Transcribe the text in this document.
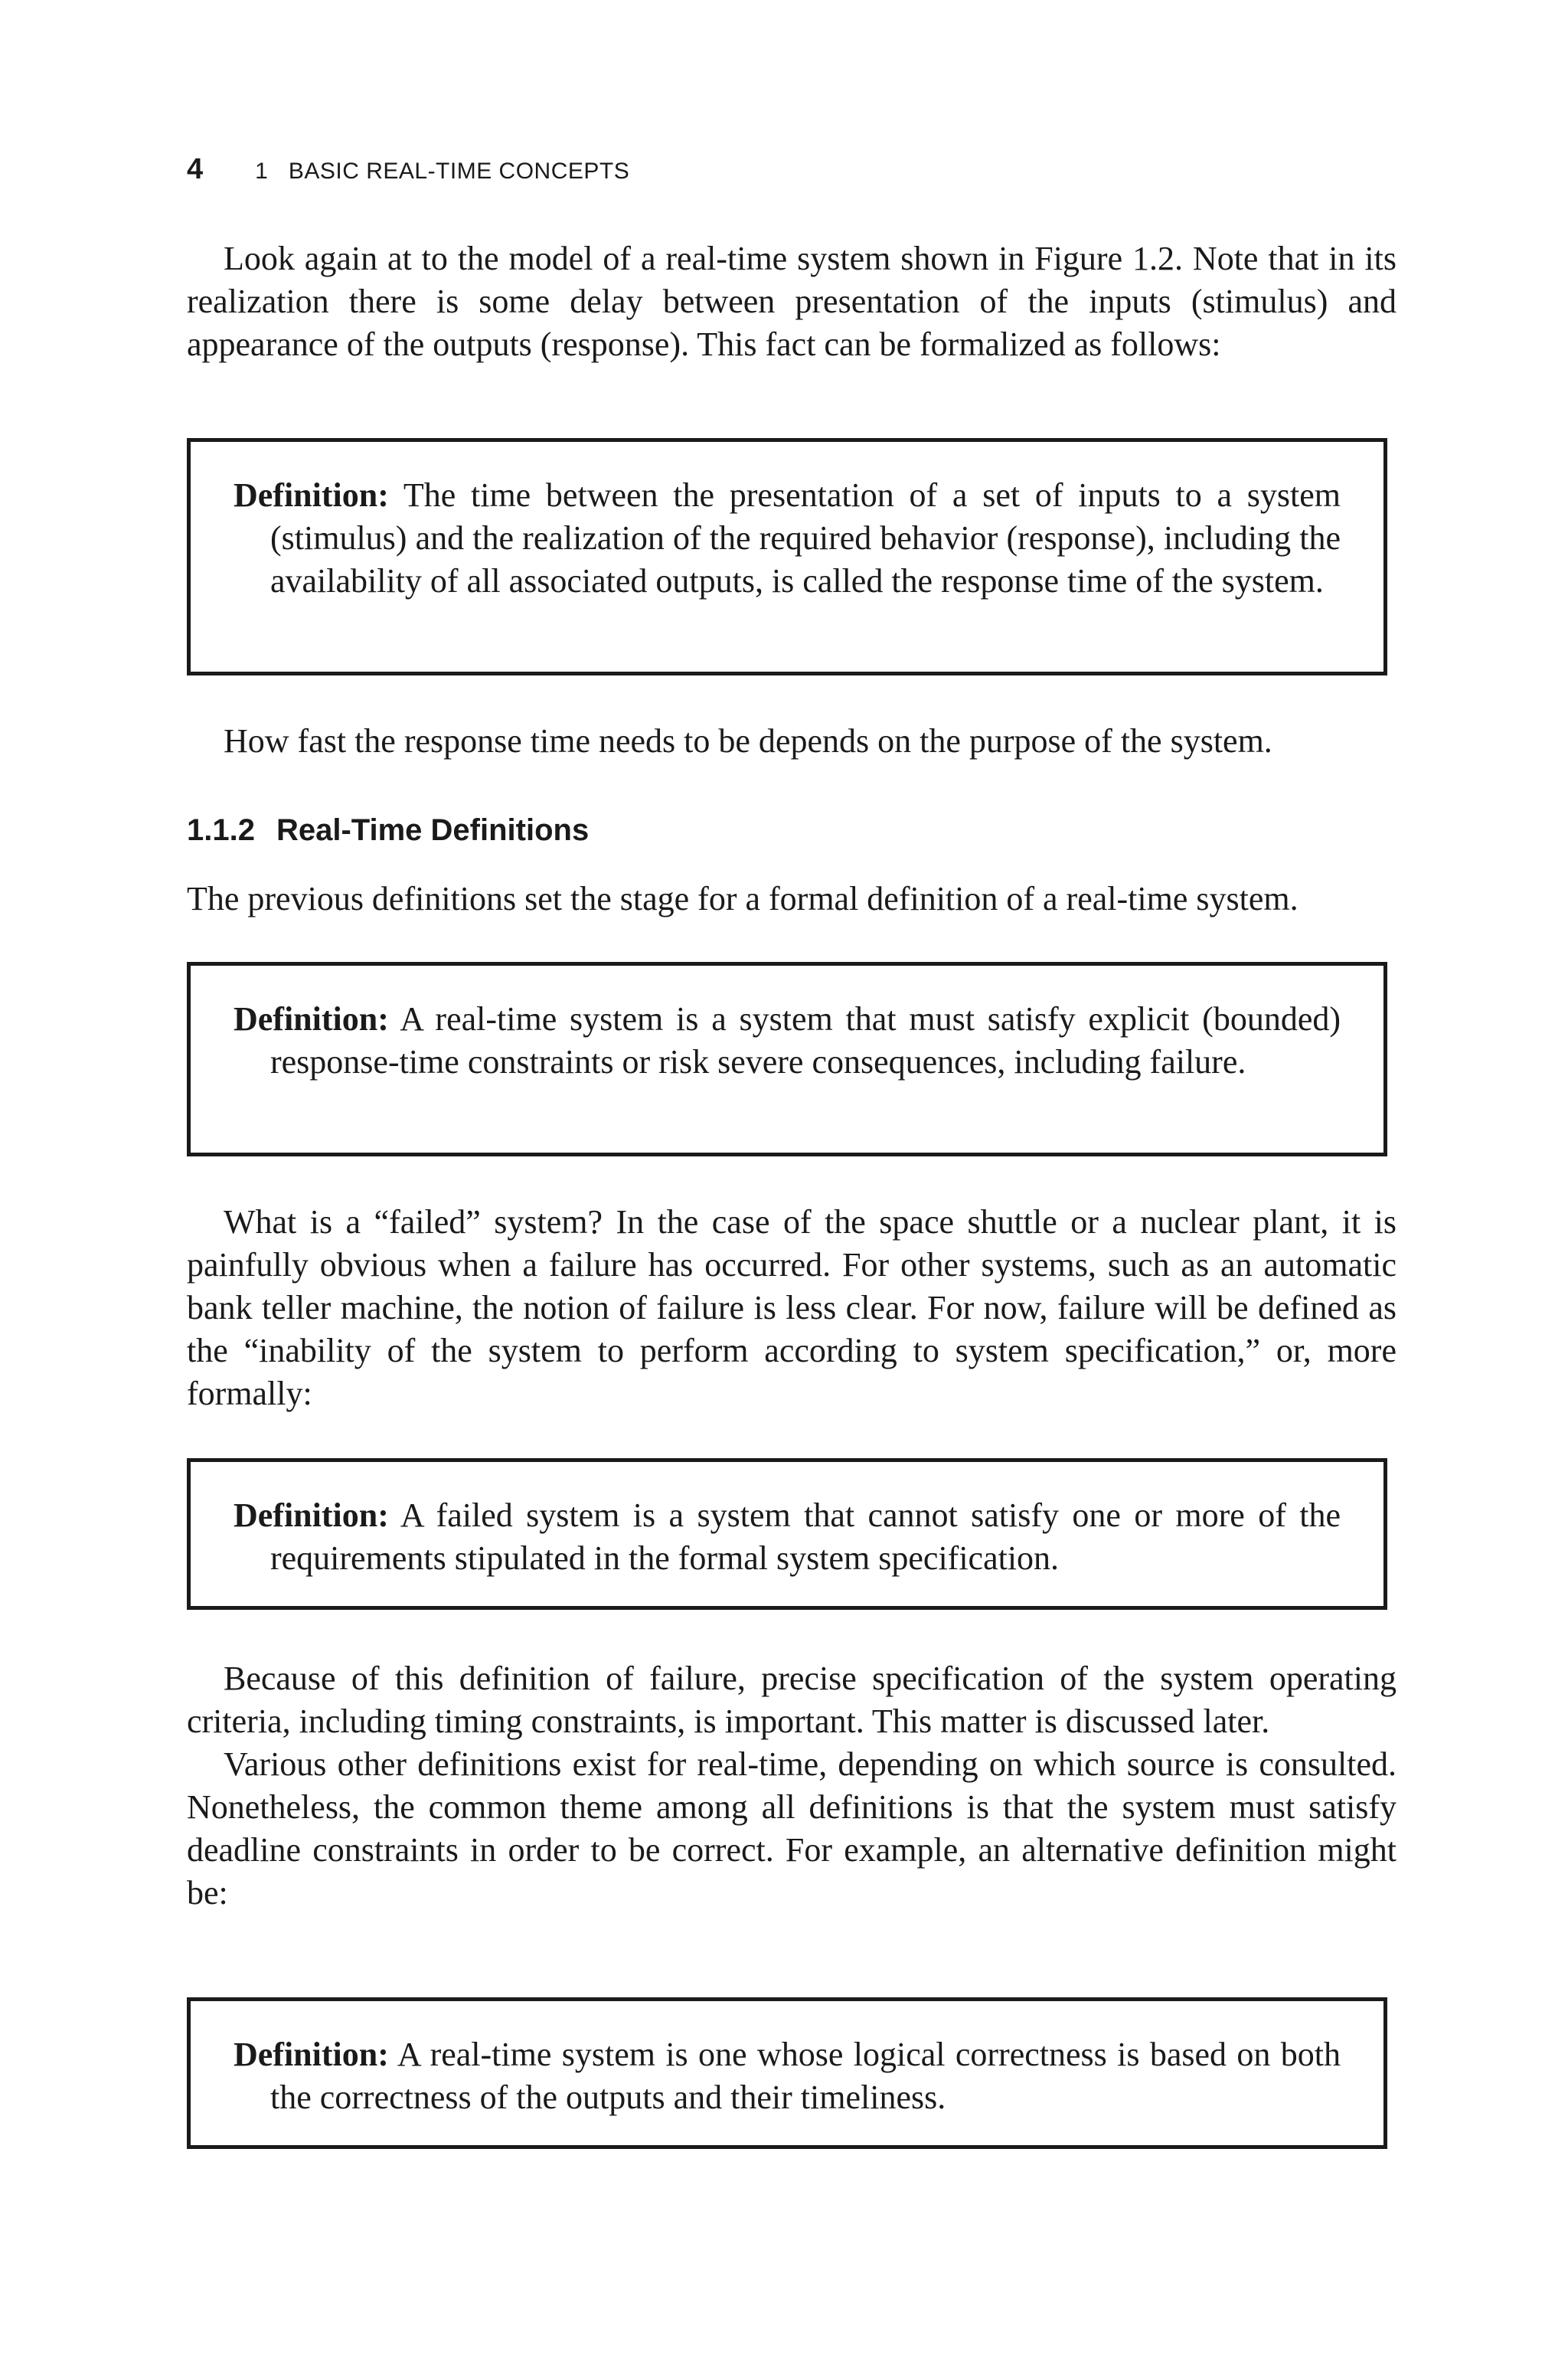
4 1   BASIC REAL-TIME CONCEPTS

Look again at to the model of a real-time system shown in Figure 1.2. Note that in its realization there is some delay between presentation of the inputs (stimulus) and appearance of the outputs (response). This fact can be formalized as follows:

Definition: The time between the presentation of a set of inputs to a system (stimulus) and the realization of the required behavior (response), including the availability of all associated outputs, is called the response time of the system.

How fast the response time needs to be depends on the purpose of the system.

1.1.2 Real-Time Definitions

The previous definitions set the stage for a formal definition of a real-time system.

Definition: A real-time system is a system that must satisfy explicit (bounded) response-time constraints or risk severe consequences, including failure.

What is a “failed” system? In the case of the space shuttle or a nuclear plant, it is painfully obvious when a failure has occurred. For other systems, such as an automatic bank teller machine, the notion of failure is less clear. For now, failure will be defined as the “inability of the system to perform according to system specification,” or, more formally:

Definition: A failed system is a system that cannot satisfy one or more of the requirements stipulated in the formal system specification.

Because of this definition of failure, precise specification of the system operating criteria, including timing constraints, is important. This matter is discussed later.

Various other definitions exist for real-time, depending on which source is consulted. Nonetheless, the common theme among all definitions is that the system must satisfy deadline constraints in order to be correct. For example, an alternative definition might be:

Definition: A real-time system is one whose logical correctness is based on both the correctness of the outputs and their timeliness.
